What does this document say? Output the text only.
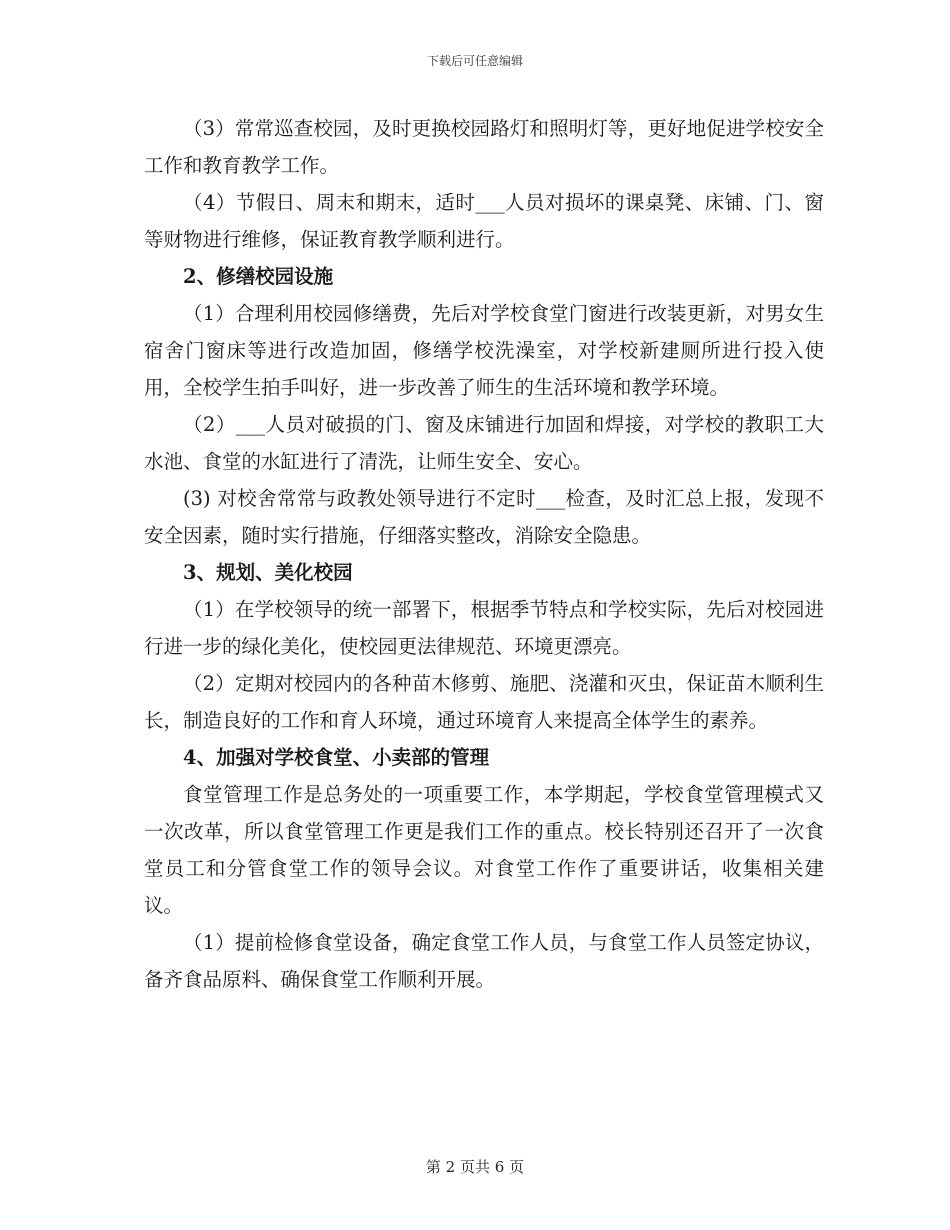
下载后可任意编辑

（3）常常巡查校园，及时更换校园路灯和照明灯等，更好地促进学校安全工作和教育教学工作。

（4）节假日、周末和期末，适时___人员对损坏的课桌凳、床铺、门、窗等财物进行维修，保证教育教学顺利进行。

2、修缮校园设施

（1）合理利用校园修缮费，先后对学校食堂门窗进行改装更新，对男女生宿舍门窗床等进行改造加固，修缮学校洗澡室，对学校新建厕所进行投入使用，全校学生拍手叫好，进一步改善了师生的生活环境和教学环境。

（2）___人员对破损的门、窗及床铺进行加固和焊接，对学校的教职工大水池、食堂的水缸进行了清洗，让师生安全、安心。

(3) 对校舍常常与政教处领导进行不定时___检查，及时汇总上报，发现不安全因素，随时实行措施，仔细落实整改，消除安全隐患。

3、规划、美化校园

（1）在学校领导的统一部署下，根据季节特点和学校实际，先后对校园进行进一步的绿化美化，使校园更法律规范、环境更漂亮。

（2）定期对校园内的各种苗木修剪、施肥、浇灌和灭虫，保证苗木顺利生长，制造良好的工作和育人环境，通过环境育人来提高全体学生的素养。

4、加强对学校食堂、小卖部的管理

食堂管理工作是总务处的一项重要工作，本学期起，学校食堂管理模式又一次改革，所以食堂管理工作更是我们工作的重点。校长特别还召开了一次食堂员工和分管食堂工作的领导会议。对食堂工作作了重要讲话，收集相关建议。

（1）提前检修食堂设备，确定食堂工作人员，与食堂工作人员签定协议，备齐食品原料、确保食堂工作顺利开展。

第 2 页共 6 页
